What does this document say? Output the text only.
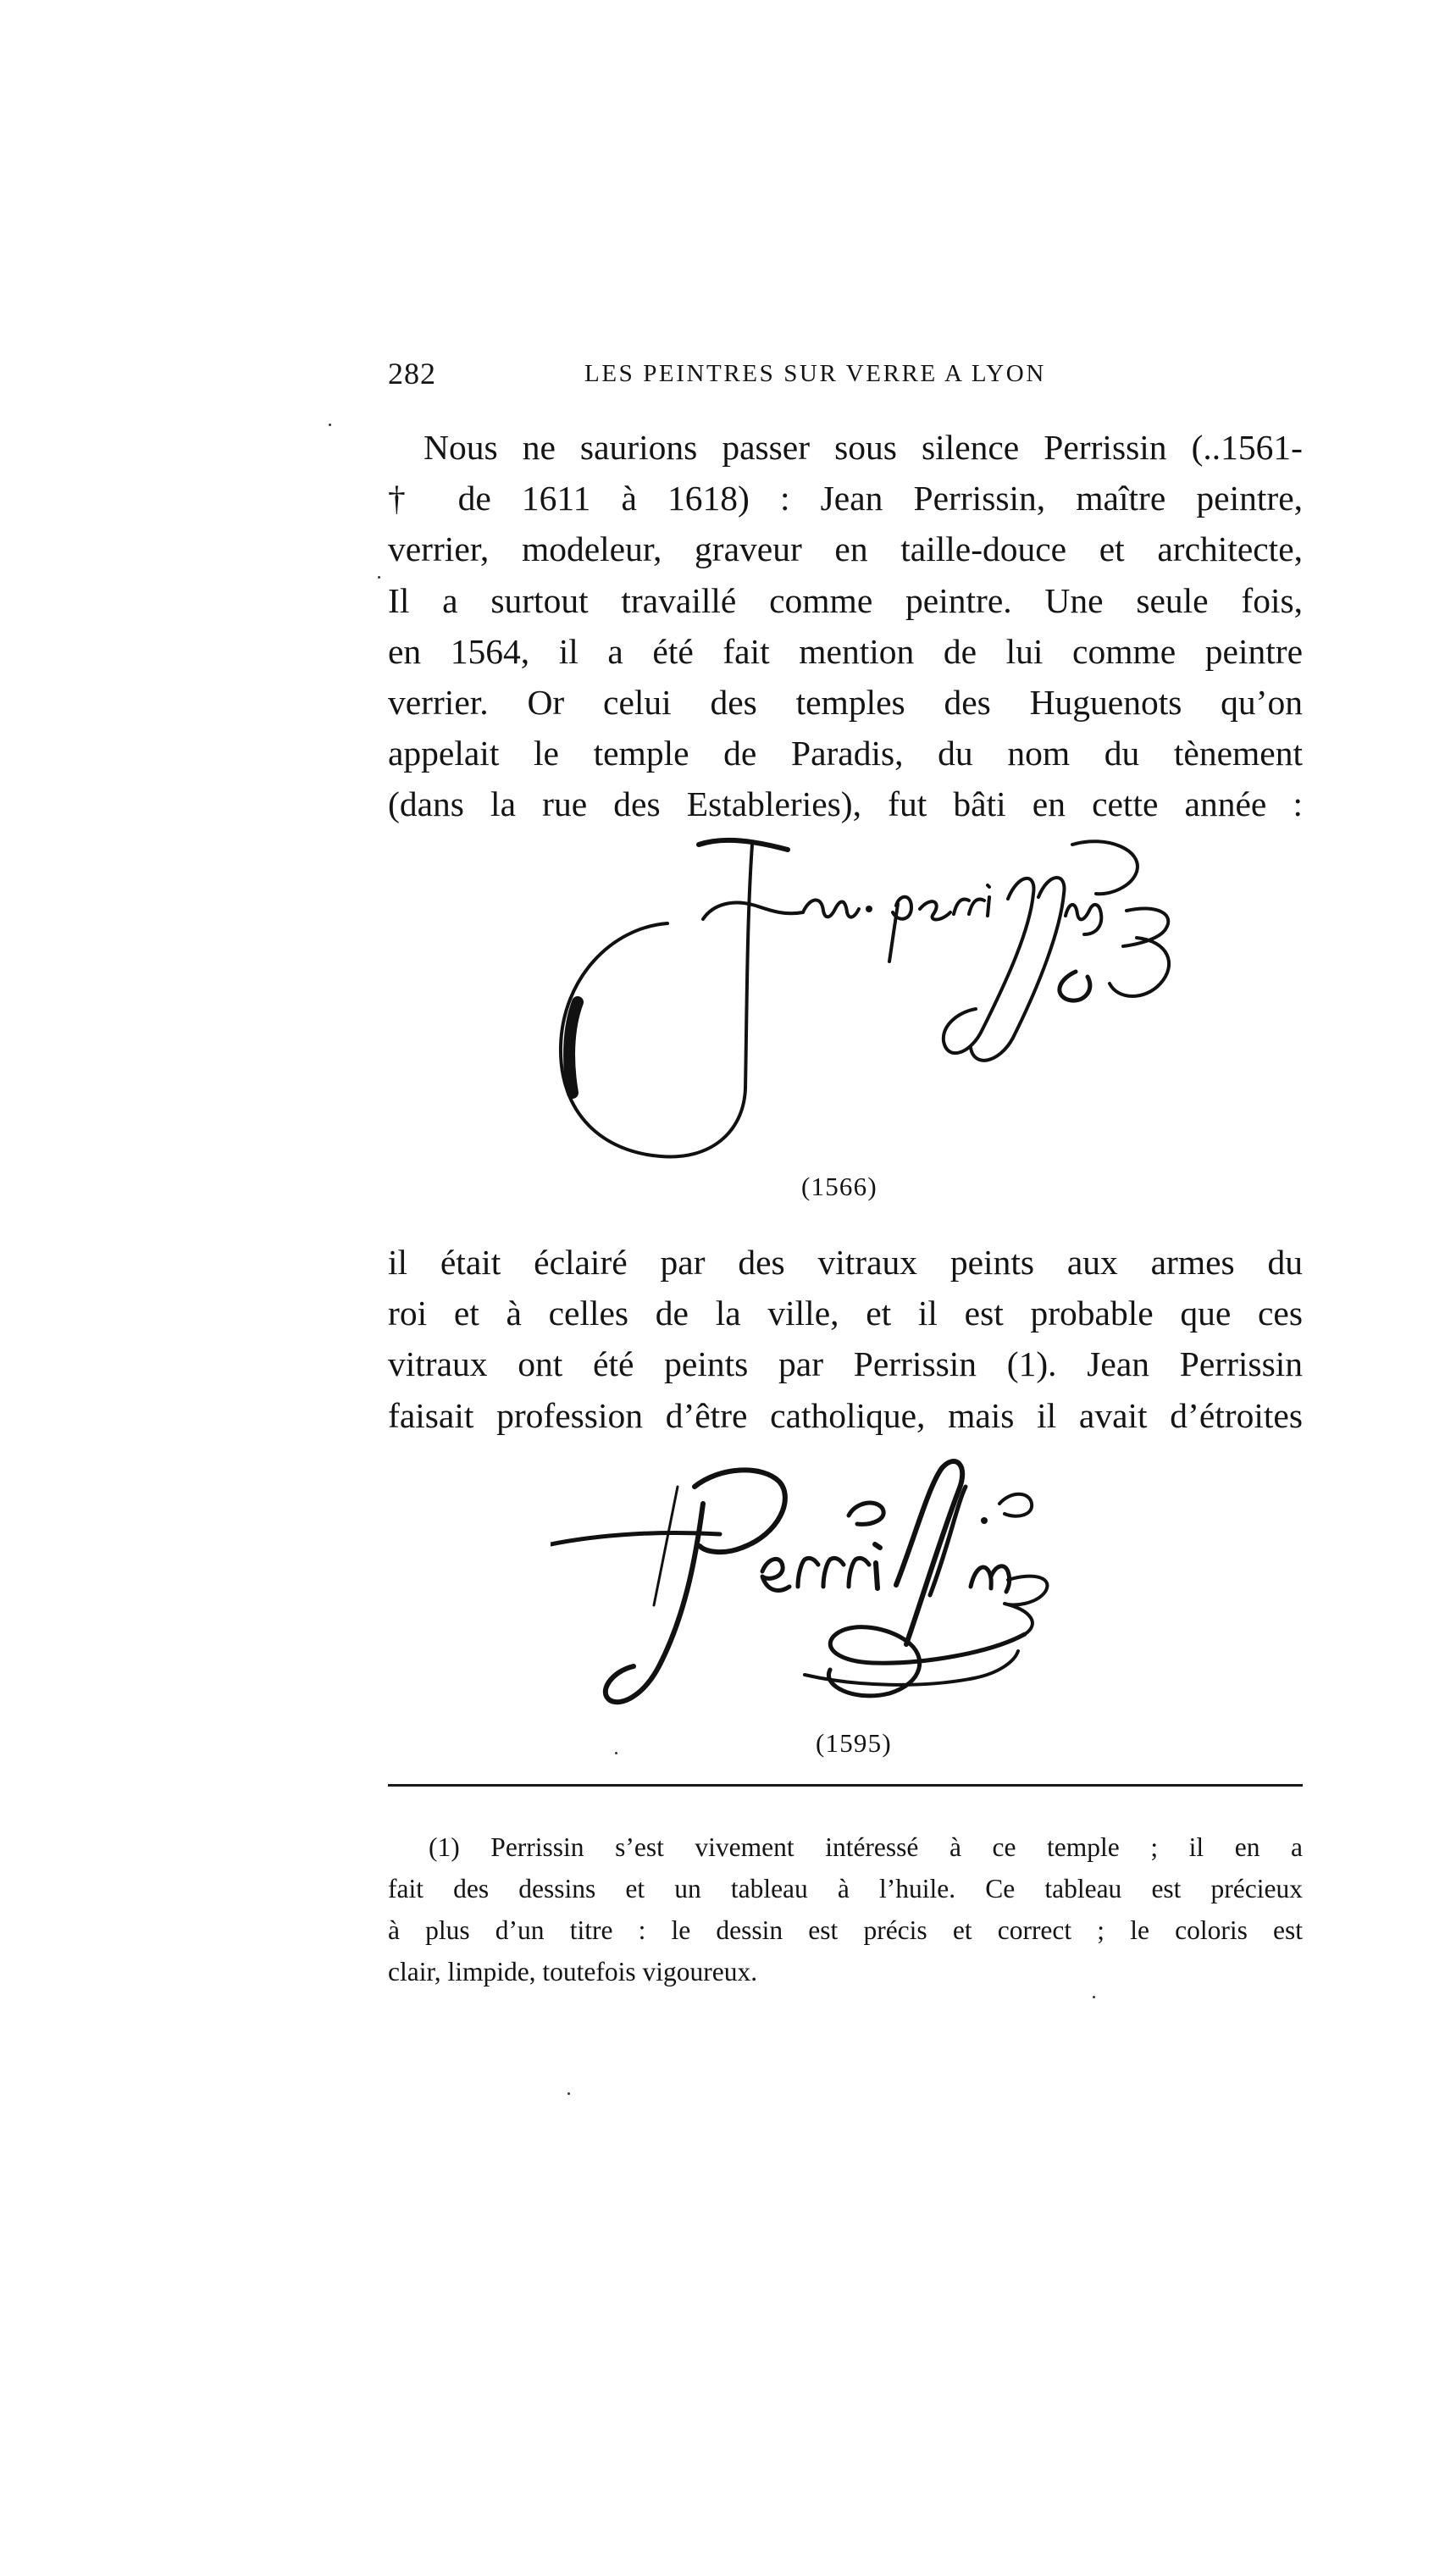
282	LES PEINTRES SUR VERRE A LYON

Nous ne saurions passer sous silence Perrissin (..1561-
† de 1611 à 1618) : Jean Perrissin, maître peintre,
verrier, modeleur, graveur en taille-douce et architecte,
Il a surtout travaillé comme peintre. Une seule fois,
en 1564, il a été fait mention de lui comme peintre
verrier. Or celui des temples des Huguenots qu’on
appelait le temple de Paradis, du nom du tènement
(dans la rue des Estableries), fut bâti en cette année :

(1566)

il était éclairé par des vitraux peints aux armes du
roi et à celles de la ville, et il est probable que ces
vitraux ont été peints par Perrissin (1). Jean Perrissin
faisait profession d’être catholique, mais il avait d’étroites

(1595)

(1) Perrissin s’est vivement intéressé à ce temple ; il en a
fait des dessins et un tableau à l’huile. Ce tableau est précieux
à plus d’un titre : le dessin est précis et correct ; le coloris est
clair, limpide, toutefois vigoureux.
